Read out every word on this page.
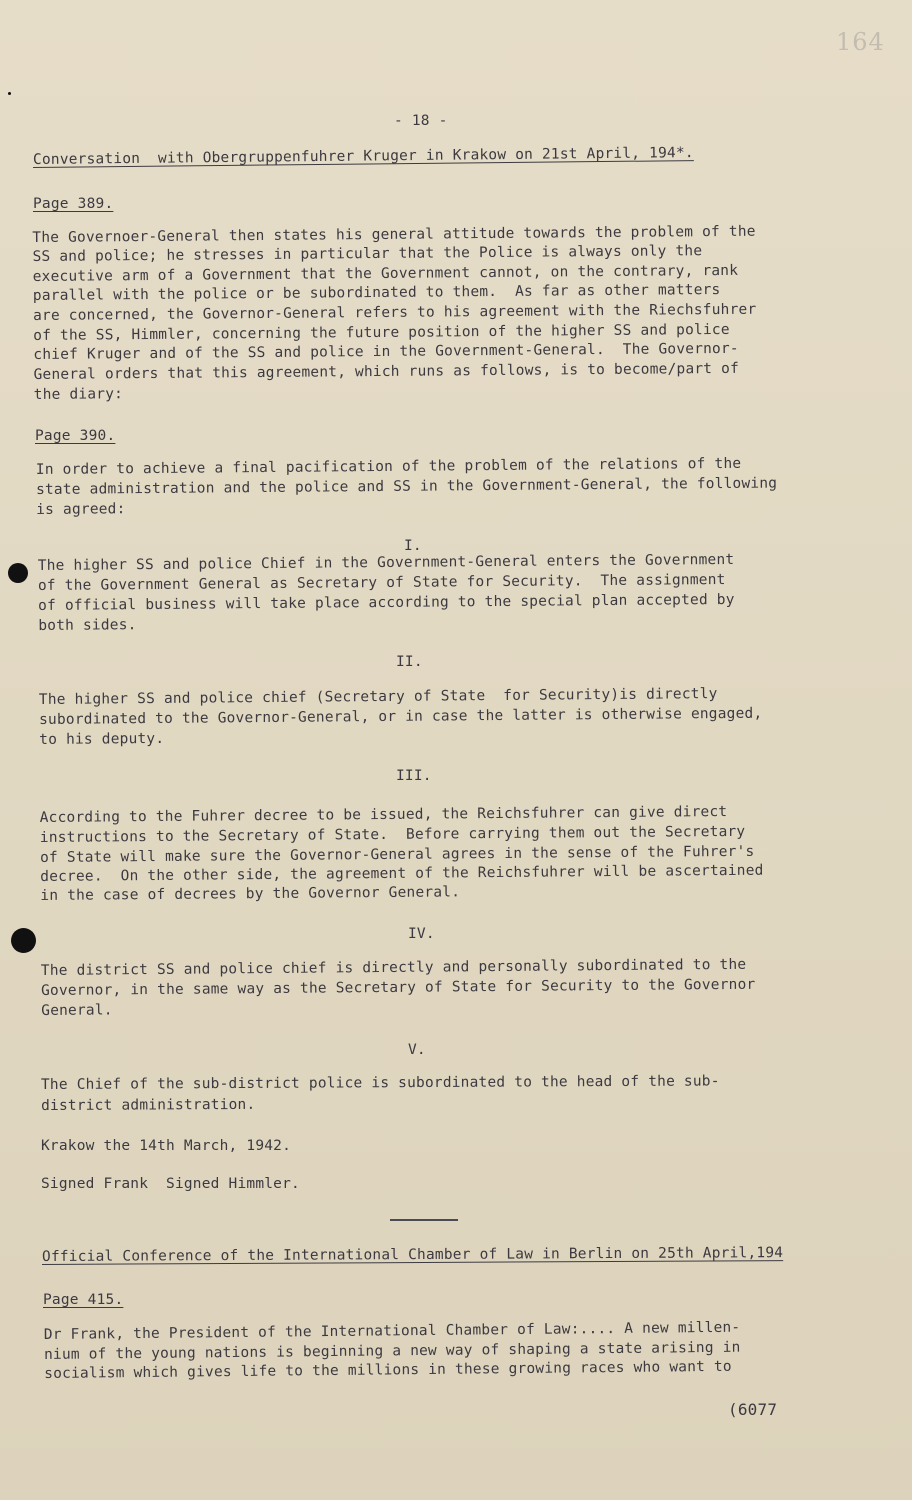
164
- 18 -
Conversation  with Obergruppenfuhrer Kruger in Krakow on 21st April, 194*.
Page 389.
The Governoer-General then states his general attitude towards the problem of the
SS and police; he stresses in particular that the Police is always only the
executive arm of a Government that the Government cannot, on the contrary, rank
parallel with the police or be subordinated to them.  As far as other matters
are concerned, the Governor-General refers to his agreement with the Riechsfuhrer
of the SS, Himmler, concerning the future position of the higher SS and police
chief Kruger and of the SS and police in the Government-General.  The Governor-
General orders that this agreement, which runs as follows, is to become/part of
the diary:
Page 390.
In order to achieve a final pacification of the problem of the relations of the
state administration and the police and SS in the Government-General, the following
is agreed:
I.
The higher SS and police Chief in the Government-General enters the Government
of the Government General as Secretary of State for Security.  The assignment
of official business will take place according to the special plan accepted by
both sides.
II.
The higher SS and police chief (Secretary of State  for Security)is directly
subordinated to the Governor-General, or in case the latter is otherwise engaged,
to his deputy.
III.
According to the Fuhrer decree to be issued, the Reichsfuhrer can give direct
instructions to the Secretary of State.  Before carrying them out the Secretary
of State will make sure the Governor-General agrees in the sense of the Fuhrer's
decree.  On the other side, the agreement of the Reichsfuhrer will be ascertained
in the case of decrees by the Governor General.
IV.
The district SS and police chief is directly and personally subordinated to the
Governor, in the same way as the Secretary of State for Security to the Governor
General.
V.
The Chief of the sub-district police is subordinated to the head of the sub-
district administration.
Krakow the 14th March, 1942.
Signed Frank  Signed Himmler.
Official Conference of the International Chamber of Law in Berlin on 25th April,194
Page 415.
Dr Frank, the President of the International Chamber of Law:.... A new millen-
nium of the young nations is beginning a new way of shaping a state arising in
socialism which gives life to the millions in these growing races who want to
(6077
